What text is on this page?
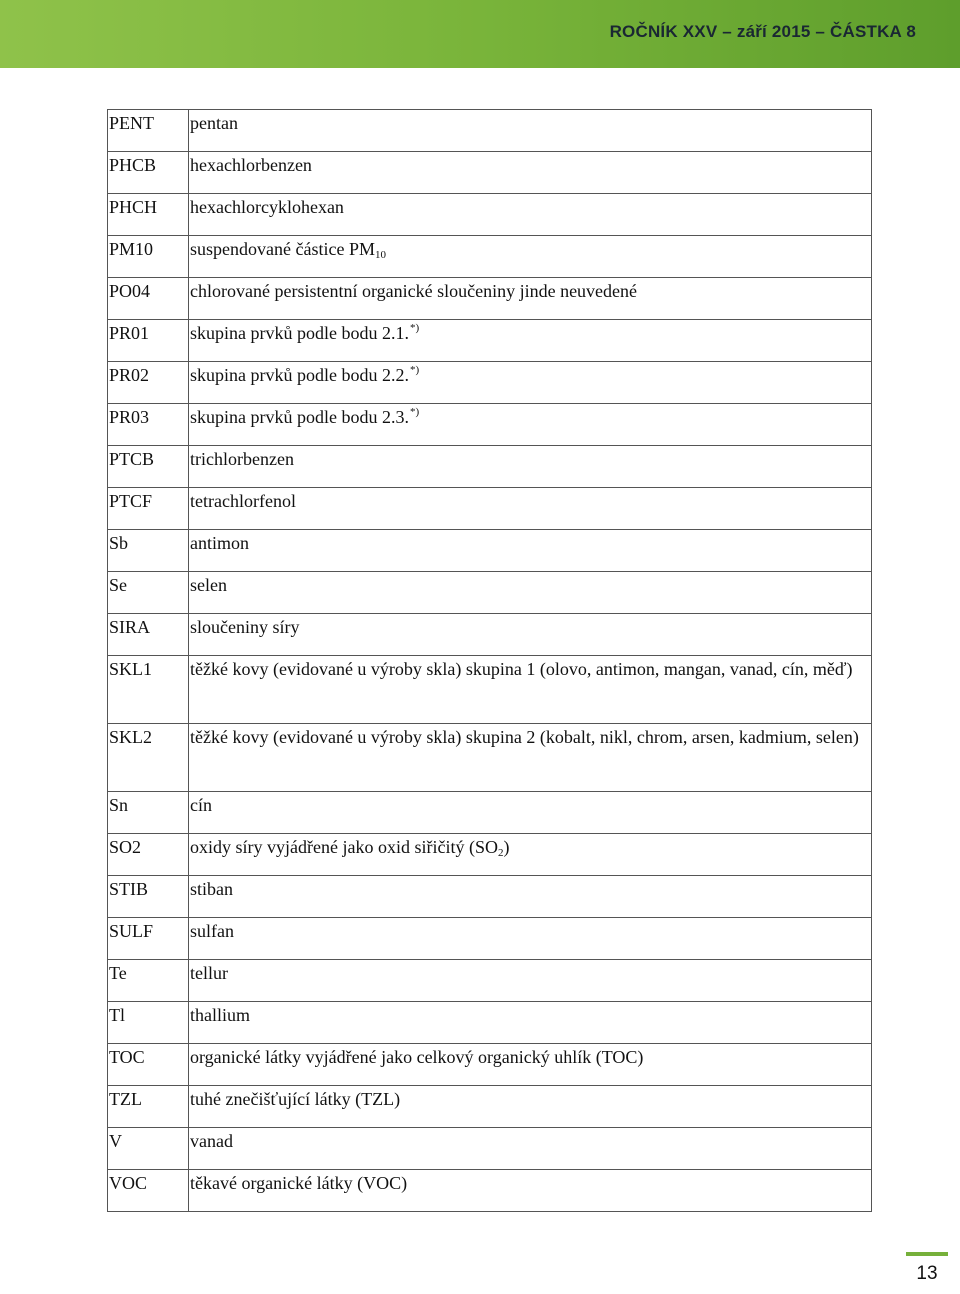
ROČNÍK XXV – září 2015 – ČÁSTKA 8
PENT	pentan
PHCB	hexachlorbenzen
PHCH	hexachlorcyklohexan
PM10	suspendované částice PM10
PO04	chlorované persistentní organické sloučeniny jinde neuvedené
PR01	skupina prvků podle bodu 2.1.*)
PR02	skupina prvků podle bodu 2.2.*)
PR03	skupina prvků podle bodu 2.3.*)
PTCB	trichlorbenzen
PTCF	tetrachlorfenol
Sb	antimon
Se	selen
SIRA	sloučeniny síry
SKL1	těžké kovy (evidované u výroby skla) skupina 1 (olovo, antimon, mangan, vanad, cín, měď)
SKL2	těžké kovy (evidované u výroby skla) skupina 2 (kobalt, nikl, chrom, arsen, kadmium, selen)
Sn	cín
SO2	oxidy síry vyjádřené jako oxid siřičitý (SO2)
STIB	stiban
SULF	sulfan
Te	tellur
Tl	thallium
TOC	organické látky vyjádřené jako celkový organický uhlík (TOC)
TZL	tuhé znečišťující látky (TZL)
V	vanad
VOC	těkavé organické látky (VOC)
13
